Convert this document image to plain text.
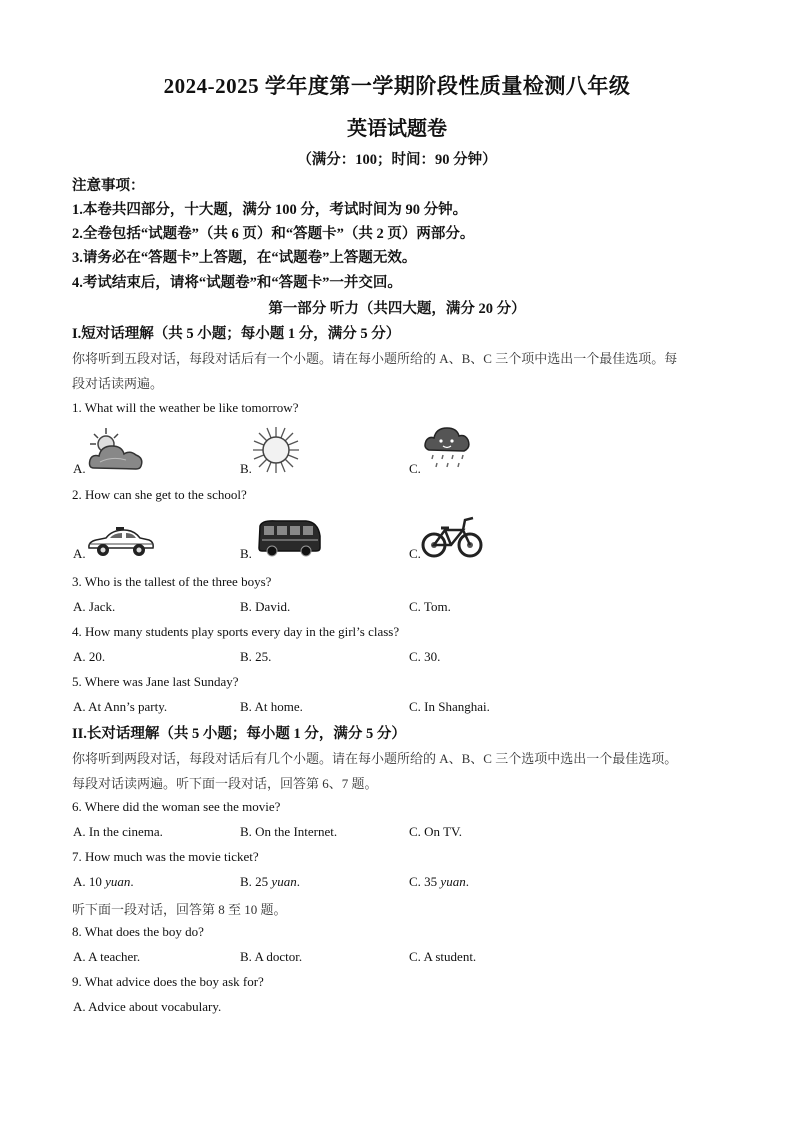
2024-2025 学年度第一学期阶段性质量检测八年级
英语试题卷
（满分：100；时间：90 分钟）
注意事项：
1.本卷共四部分，十大题，满分 100 分，考试时间为 90 分钟。
2.全卷包括“试题卷”（共 6 页）和“答题卡”（共 2 页）两部分。
3.请务必在“答题卡”上答题，在“试题卷”上答题无效。
4.考试结束后，请将“试题卷”和“答题卡”一并交回。
第一部分 听力（共四大题，满分 20 分）
I.短对话理解（共 5 小题；每小题 1 分，满分 5 分）
你将听到五段对话，每段对话后有一个小题。请在每小题所给的 A、B、C 三个项中选出一个最佳选项。每
段对话读两遍。
1. What will the weather be like tomorrow?
A.	B.	C.
2. How can she get to the school?
A.	B.	C.
3. Who is the tallest of the three boys?
A. Jack.	B. David.	C. Tom.
4. How many students play sports every day in the girl’s class?
A. 20.	B. 25.	C. 30.
5. Where was Jane last Sunday?
A. At Ann’s party.	B. At home.	C. In Shanghai.
II.长对话理解（共 5 小题；每小题 1 分，满分 5 分）
你将听到两段对话，每段对话后有几个小题。请在每小题所给的 A、B、C 三个选项中选出一个最佳选项。
每段对话读两遍。听下面一段对话，回答第 6、7 题。
6. Where did the woman see the movie?
A. In the cinema.	B. On the Internet.	C. On TV.
7. How much was the movie ticket?
A. 10 yuan.	B. 25 yuan.	C. 35 yuan.
听下面一段对话，回答第 8 至 10 题。
8. What does the boy do?
A. A teacher.	B. A doctor.	C. A student.
9. What advice does the boy ask for?
A. Advice about vocabulary.
